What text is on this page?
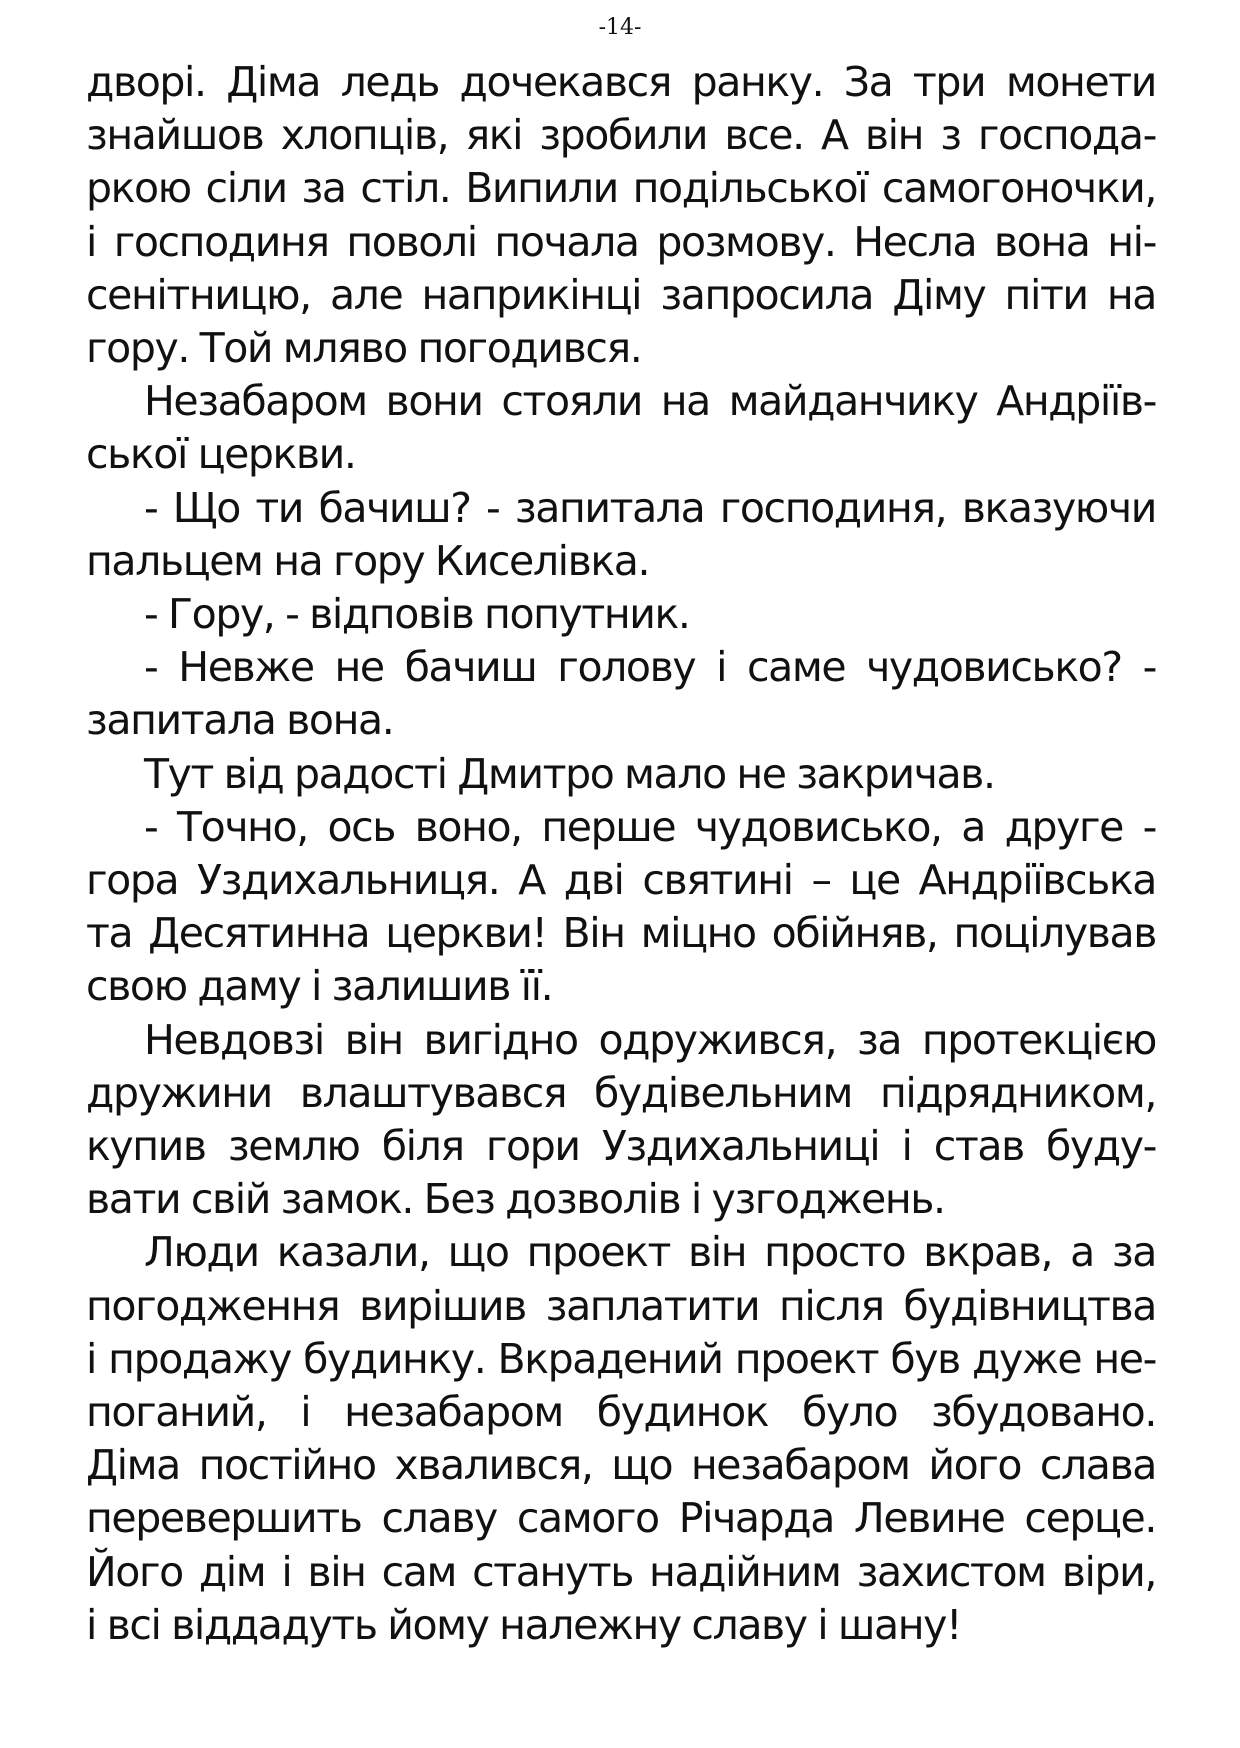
-14-
дворі. Діма ледь дочекався ранку. За три монети
знайшов хлопців, які зробили все. А він з господа-
ркою сіли за стіл. Випили подільської самогоночки,
і господиня поволі почала розмову. Несла вона ні-
сенітницю, але наприкінці запросила Діму піти на
гору. Той мляво погодився.
Незабаром вони стояли на майданчику Андріїв-
ської церкви.
- Що ти бачиш? - запитала господиня, вказуючи
пальцем на гору Киселівка.
- Гору, - відповів попутник.
- Невже не бачиш голову і саме чудовисько? -
запитала вона.
Тут від радості Дмитро мало не закричав.
- Точно, ось воно, перше чудовисько, а друге -
гора Уздихальниця. А дві святині – це Андріївська
та Десятинна церкви! Він міцно обійняв, поцілував
свою даму і залишив її.
Невдовзі він вигідно одружився, за протекцією
дружини влаштувався будівельним підрядником,
купив землю біля гори Уздихальниці і став буду-
вати свій замок. Без дозволів і узгоджень.
Люди казали, що проект він просто вкрав, а за
погодження вирішив заплатити після будівництва
і продажу будинку. Вкрадений проект був дуже не-
поганий, і незабаром будинок було збудовано.
Діма постійно хвалився, що незабаром його слава
перевершить славу самого Річарда Левине серце.
Його дім і він сам стануть надійним захистом віри,
і всі віддадуть йому належну славу і шану!
